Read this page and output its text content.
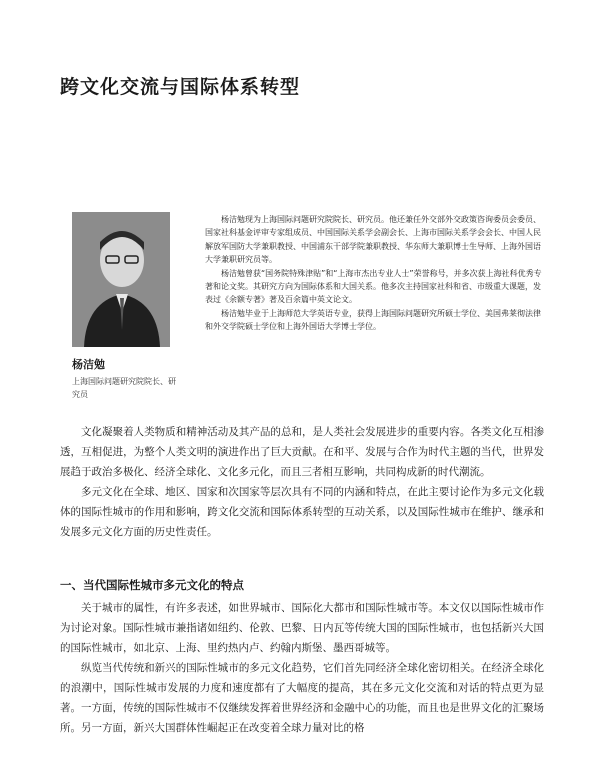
跨文化交流与国际体系转型
杨洁勉
上海国际问题研究院院长、研究员

杨洁勉现为上海国际问题研究院院长、研究员。他还兼任外交部外交政策咨询委员会委员、国家社科基金评审专家组成员、中国国际关系学会副会长、上海市国际关系学会会长、中国人民解放军国防大学兼职教授、中国浦东干部学院兼职教授、华东师大兼职博士生导师、上海外国语大学兼职研究员等。

杨洁勉曾获“国务院特殊津贴”和“上海市杰出专业人士”荣誉称号，并多次获上海社科优秀专著和论文奖。其研究方向为国际体系和大国关系。他多次主持国家社科和省、市级重大课题，发表过《余额专著》著及百余篇中英文论文。

杨洁勉毕业于上海师范大学英语专业，获得上海国际问题研究所硕士学位、美国弗莱彻法律和外交学院硕士学位和上海外国语大学博士学位。

文化凝聚着人类物质和精神活动及其产品的总和，是人类社会发展进步的重要内容。各类文化互相渗透，互相促进，为整个人类文明的演进作出了巨大贡献。在和平、发展与合作为时代主题的当代，世界发展趋于政治多极化、经济全球化、文化多元化，而且三者相互影响，共同构成新的时代潮流。

多元文化在全球、地区、国家和次国家等层次具有不同的内涵和特点，在此主要讨论作为多元文化载体的国际性城市的作用和影响，跨文化交流和国际体系转型的互动关系，以及国际性城市在维护、继承和发展多元文化方面的历史性责任。

一、当代国际性城市多元文化的特点

关于城市的属性，有许多表述，如世界城市、国际化大都市和国际性城市等。本文仅以国际性城市作为讨论对象。国际性城市兼指诸如纽约、伦敦、巴黎、日内瓦等传统大国的国际性城市，也包括新兴大国的国际性城市，如北京、上海、里约热内卢、约翰内斯堡、墨西哥城等。

纵览当代传统和新兴的国际性城市的多元文化趋势，它们首先同经济全球化密切相关。在经济全球化的浪潮中，国际性城市发展的力度和速度都有了大幅度的提高，其在多元文化交流和对话的特点更为显著。一方面，传统的国际性城市不仅继续发挥着世界经济和金融中心的功能，而且也是世界文化的汇聚场所。另一方面，新兴大国群体性崛起正在改变着全球力量对比的格
